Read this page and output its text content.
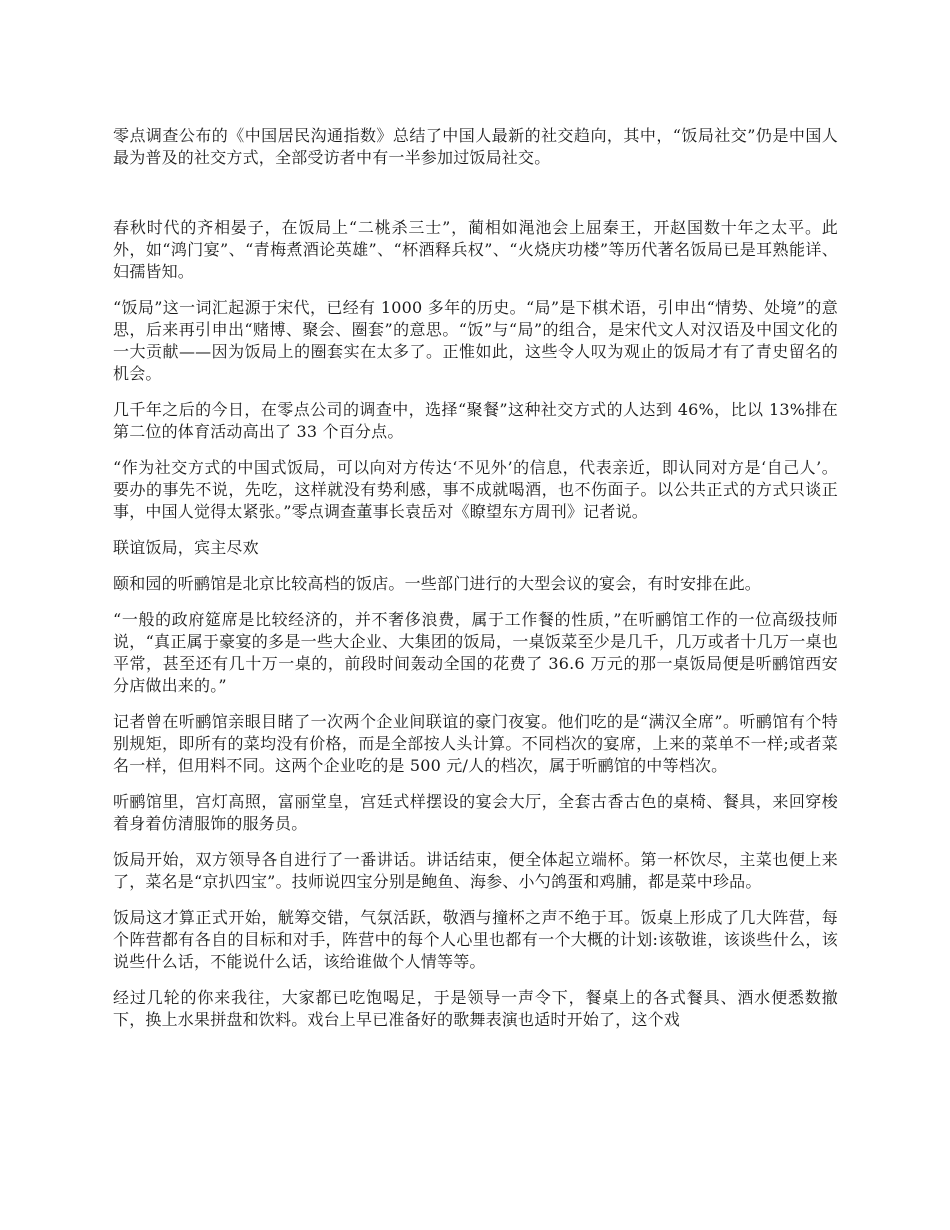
零点调查公布的《中国居民沟通指数》总结了中国人最新的社交趋向，其中，“饭局社交”仍是中国人最为普及的社交方式，全部受访者中有一半参加过饭局社交。

春秋时代的齐相晏子，在饭局上“二桃杀三士”，蔺相如渑池会上屈秦王，开赵国数十年之太平。此外，如“鸿门宴”、“青梅煮酒论英雄”、“杯酒释兵权”、“火烧庆功楼”等历代著名饭局已是耳熟能详、妇孺皆知。

“饭局”这一词汇起源于宋代，已经有 1000 多年的历史。“局”是下棋术语，引申出“情势、处境”的意思，后来再引申出“赌博、聚会、圈套”的意思。“饭”与“局”的组合，是宋代文人对汉语及中国文化的一大贡献——因为饭局上的圈套实在太多了。正惟如此，这些令人叹为观止的饭局才有了青史留名的机会。

几千年之后的今日，在零点公司的调查中，选择“聚餐”这种社交方式的人达到 46%，比以 13%排在第二位的体育活动高出了 33 个百分点。

“作为社交方式的中国式饭局，可以向对方传达‘不见外’的信息，代表亲近，即认同对方是‘自己人’。要办的事先不说，先吃，这样就没有势利感，事不成就喝酒，也不伤面子。以公共正式的方式只谈正事，中国人觉得太紧张。”零点调查董事长袁岳对《瞭望东方周刊》记者说。

联谊饭局，宾主尽欢

颐和园的听鹂馆是北京比较高档的饭店。一些部门进行的大型会议的宴会，有时安排在此。

“一般的政府筵席是比较经济的，并不奢侈浪费，属于工作餐的性质，”在听鹂馆工作的一位高级技师说，“真正属于豪宴的多是一些大企业、大集团的饭局，一桌饭菜至少是几千，几万或者十几万一桌也平常，甚至还有几十万一桌的，前段时间轰动全国的花费了 36.6 万元的那一桌饭局便是听鹂馆西安分店做出来的。”

记者曾在听鹂馆亲眼目睹了一次两个企业间联谊的豪门夜宴。他们吃的是“满汉全席”。听鹂馆有个特别规矩，即所有的菜均没有价格，而是全部按人头计算。不同档次的宴席，上来的菜单不一样;或者菜名一样，但用料不同。这两个企业吃的是 500 元/人的档次，属于听鹂馆的中等档次。

听鹂馆里，宫灯高照，富丽堂皇，宫廷式样摆设的宴会大厅，全套古香古色的桌椅、餐具，来回穿梭着身着仿清服饰的服务员。

饭局开始，双方领导各自进行了一番讲话。讲话结束，便全体起立端杯。第一杯饮尽，主菜也便上来了，菜名是“京扒四宝”。技师说四宝分别是鲍鱼、海参、小勺鸽蛋和鸡脯，都是菜中珍品。

饭局这才算正式开始，觥筹交错，气氛活跃，敬酒与撞杯之声不绝于耳。饭桌上形成了几大阵营，每个阵营都有各自的目标和对手，阵营中的每个人心里也都有一个大概的计划:该敬谁，该谈些什么，该说些什么话，不能说什么话，该给谁做个人情等等。

经过几轮的你来我往，大家都已吃饱喝足，于是领导一声令下，餐桌上的各式餐具、酒水便悉数撤下，换上水果拼盘和饮料。戏台上早已准备好的歌舞表演也适时开始了，这个戏
